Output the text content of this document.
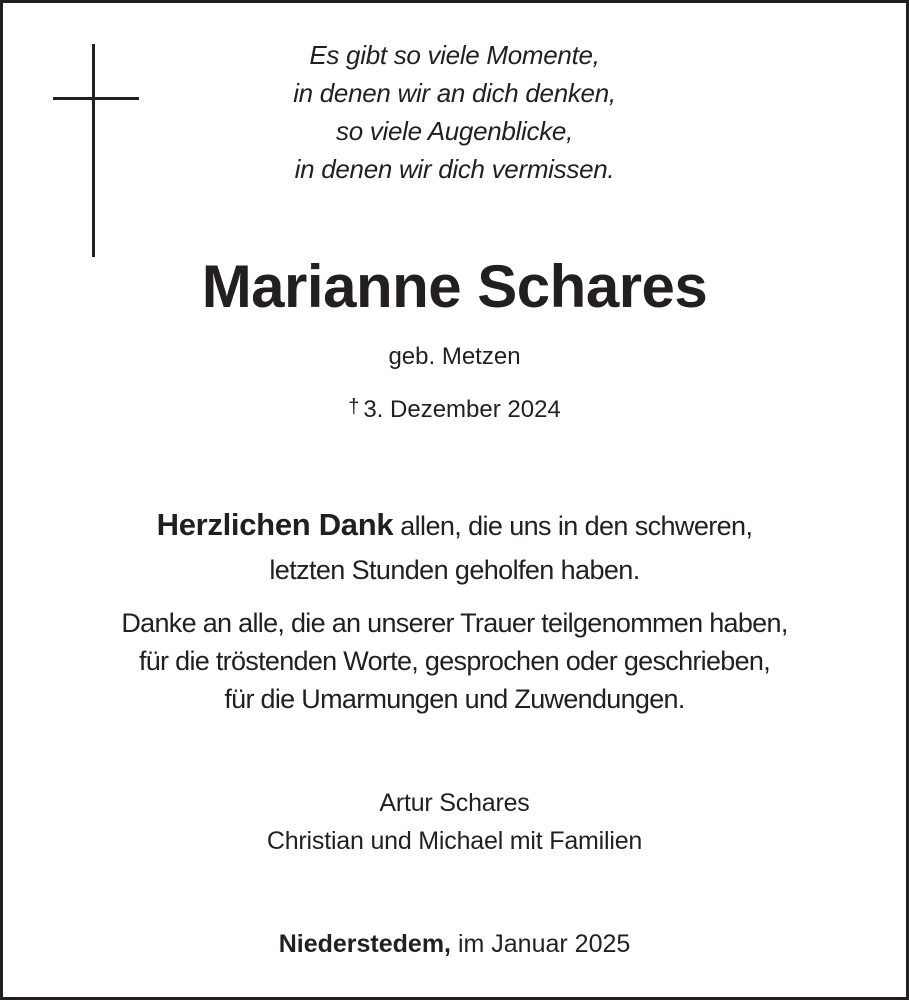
Es gibt so viele Momente,
in denen wir an dich denken,
so viele Augenblicke,
in denen wir dich vermissen.
Marianne Schares
geb. Metzen
† 3. Dezember 2024
Herzlichen Dank allen, die uns in den schweren,
letzten Stunden geholfen haben.
Danke an alle, die an unserer Trauer teilgenommen haben,
für die tröstenden Worte, gesprochen oder geschrieben,
für die Umarmungen und Zuwendungen.
Artur Schares
Christian und Michael mit Familien
Niederstedem, im Januar 2025
